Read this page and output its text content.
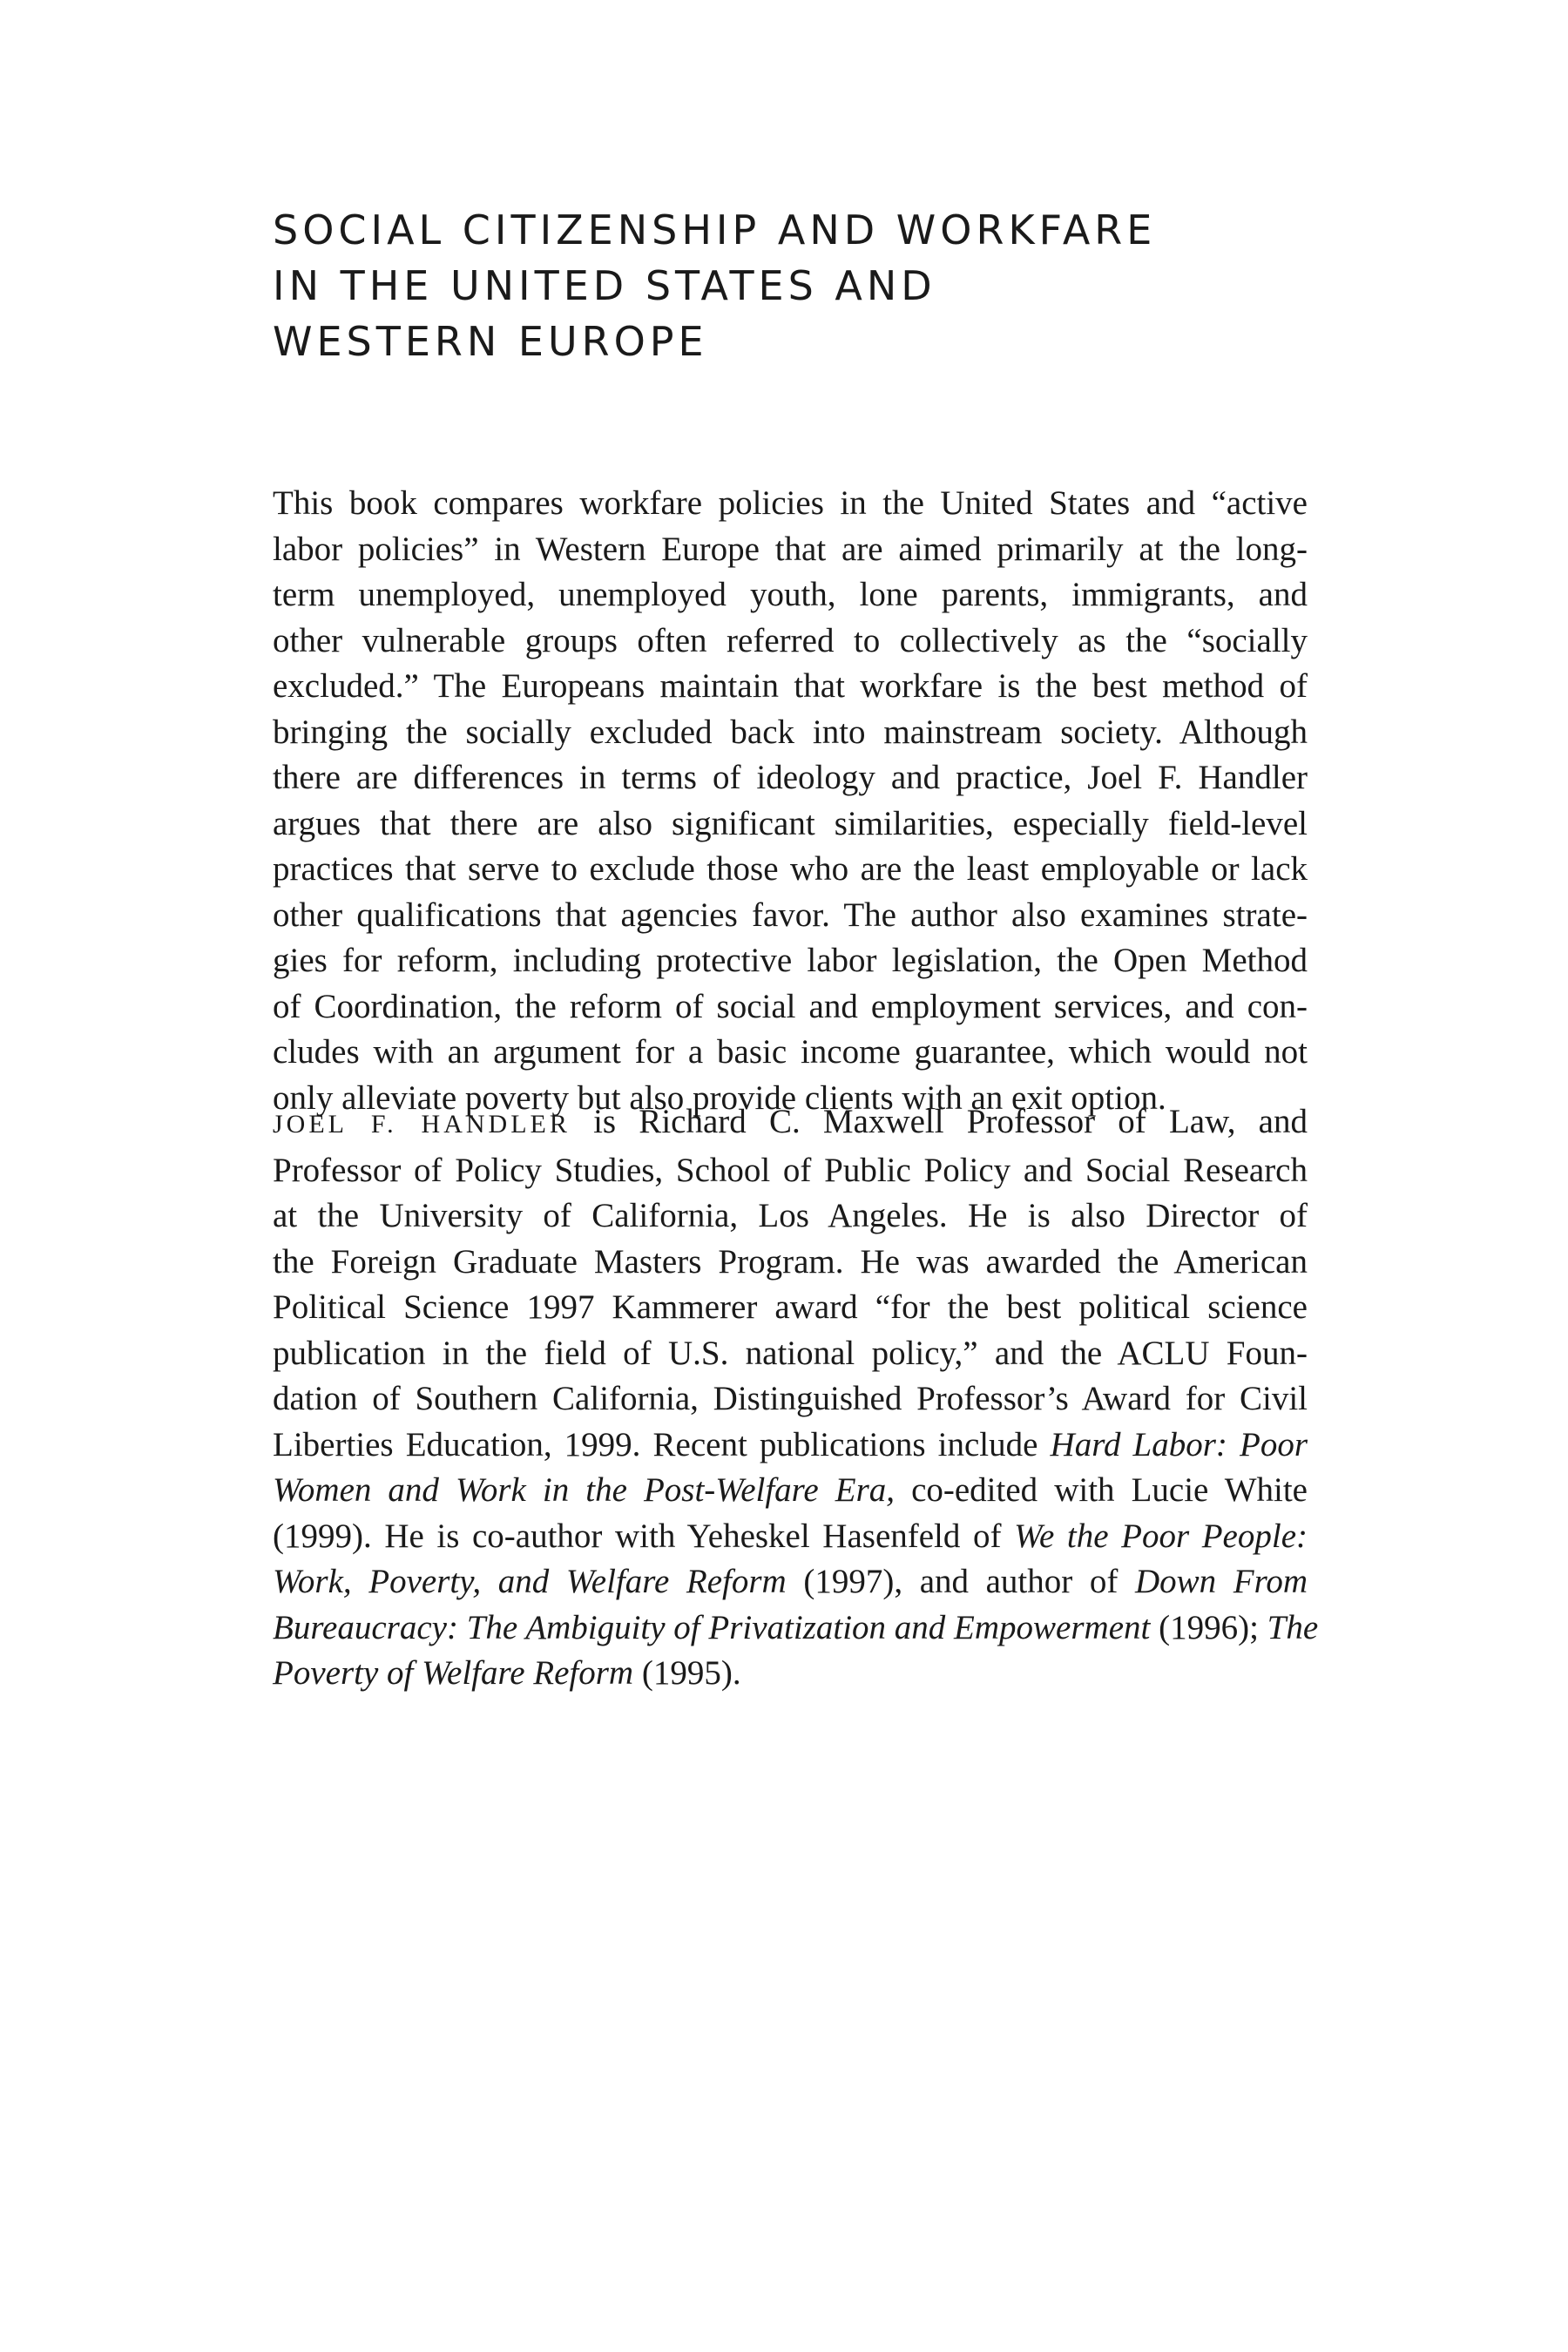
SOCIAL CITIZENSHIP AND WORKFARE
IN THE UNITED STATES AND
WESTERN EUROPE
This book compares workfare policies in the United States and “active
labor policies” in Western Europe that are aimed primarily at the long-
term unemployed, unemployed youth, lone parents, immigrants, and
other vulnerable groups often referred to collectively as the “socially
excluded.” The Europeans maintain that workfare is the best method of
bringing the socially excluded back into mainstream society. Although
there are differences in terms of ideology and practice, Joel F. Handler
argues that there are also significant similarities, especially field-level
practices that serve to exclude those who are the least employable or lack
other qualifications that agencies favor. The author also examines strate-
gies for reform, including protective labor legislation, the Open Method
of Coordination, the reform of social and employment services, and con-
cludes with an argument for a basic income guarantee, which would not
only alleviate poverty but also provide clients with an exit option.
JOEL F. HANDLER is Richard C. Maxwell Professor of Law, and
Professor of Policy Studies, School of Public Policy and Social Research
at the University of California, Los Angeles. He is also Director of
the Foreign Graduate Masters Program. He was awarded the American
Political Science 1997 Kammerer award “for the best political science
publication in the field of U.S. national policy,” and the ACLU Foun-
dation of Southern California, Distinguished Professor’s Award for Civil
Liberties Education, 1999. Recent publications include Hard Labor: Poor
Women and Work in the Post-Welfare Era, co-edited with Lucie White
(1999). He is co-author with Yeheskel Hasenfeld of We the Poor People:
Work, Poverty, and Welfare Reform (1997), and author of Down From
Bureaucracy: The Ambiguity of Privatization and Empowerment (1996); The
Poverty of Welfare Reform (1995).
